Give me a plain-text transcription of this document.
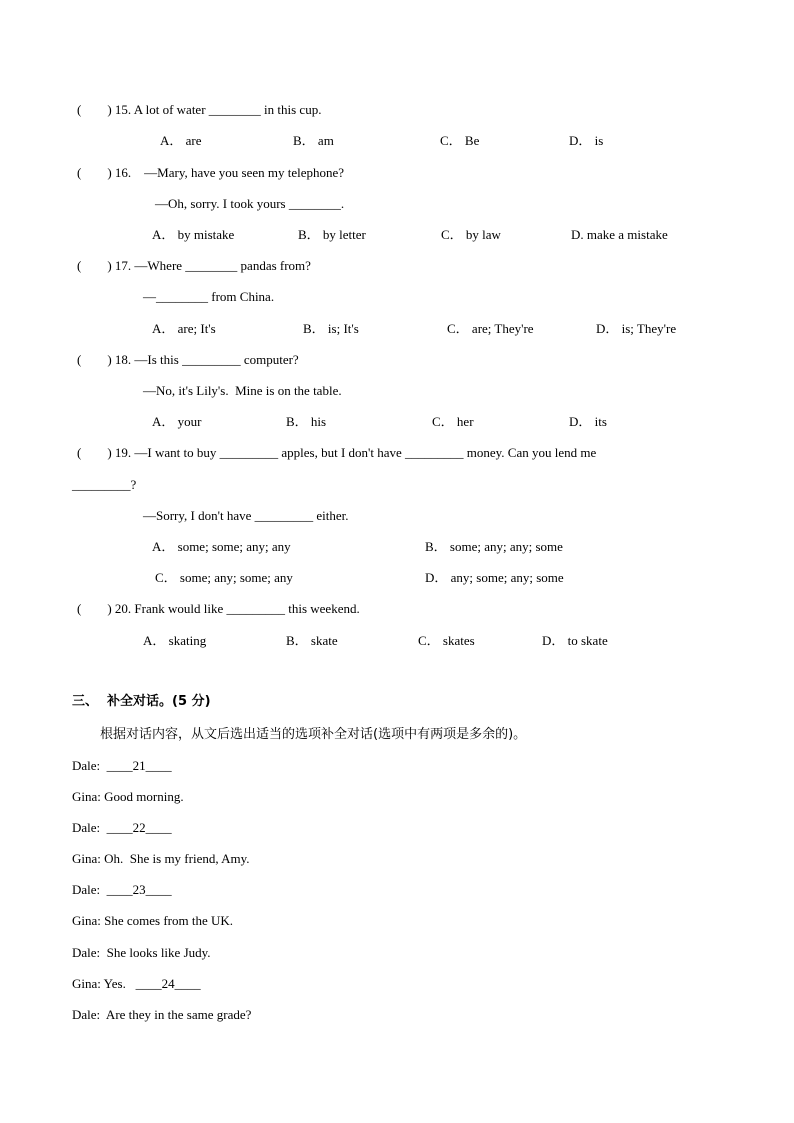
(        ) 15. A lot of water ________ in this cup.
A． are	B． am	C． Be	D． is
(        ) 16.    —Mary, have you seen my telephone?
—Oh, sorry. I took yours ________.
A． by mistake	B． by letter	C． by law	D. make a mistake
(        ) 17. —Where ________ pandas from?
—________ from China.
A． are; It's	B． is; It's	C． are; They're	D． is; They're
(        ) 18. —Is this _________ computer?
—No, it's Lily's.  Mine is on the table.
A． your	B． his	C． her	D． its
(        ) 19. —I want to buy _________ apples, but I don't have _________ money. Can you lend me
_________?
—Sorry, I don't have _________ either.
A． some; some; any; any	B． some; any; any; some
C． some; any; some; any	D． any; some; any; some
(        ) 20. Frank would like _________ this weekend.
A． skating	B． skate	C． skates	D． to skate
三、  补全对话。(5 分)
根据对话内容，从文后选出适当的选项补全对话(选项中有两项是多余的)。
Dale:  ____21____
Gina: Good morning.
Dale:  ____22____
Gina: Oh.  She is my friend, Amy.
Dale:  ____23____
Gina: She comes from the UK.
Dale:  She looks like Judy.
Gina: Yes.   ____24____
Dale:  Are they in the same grade?
